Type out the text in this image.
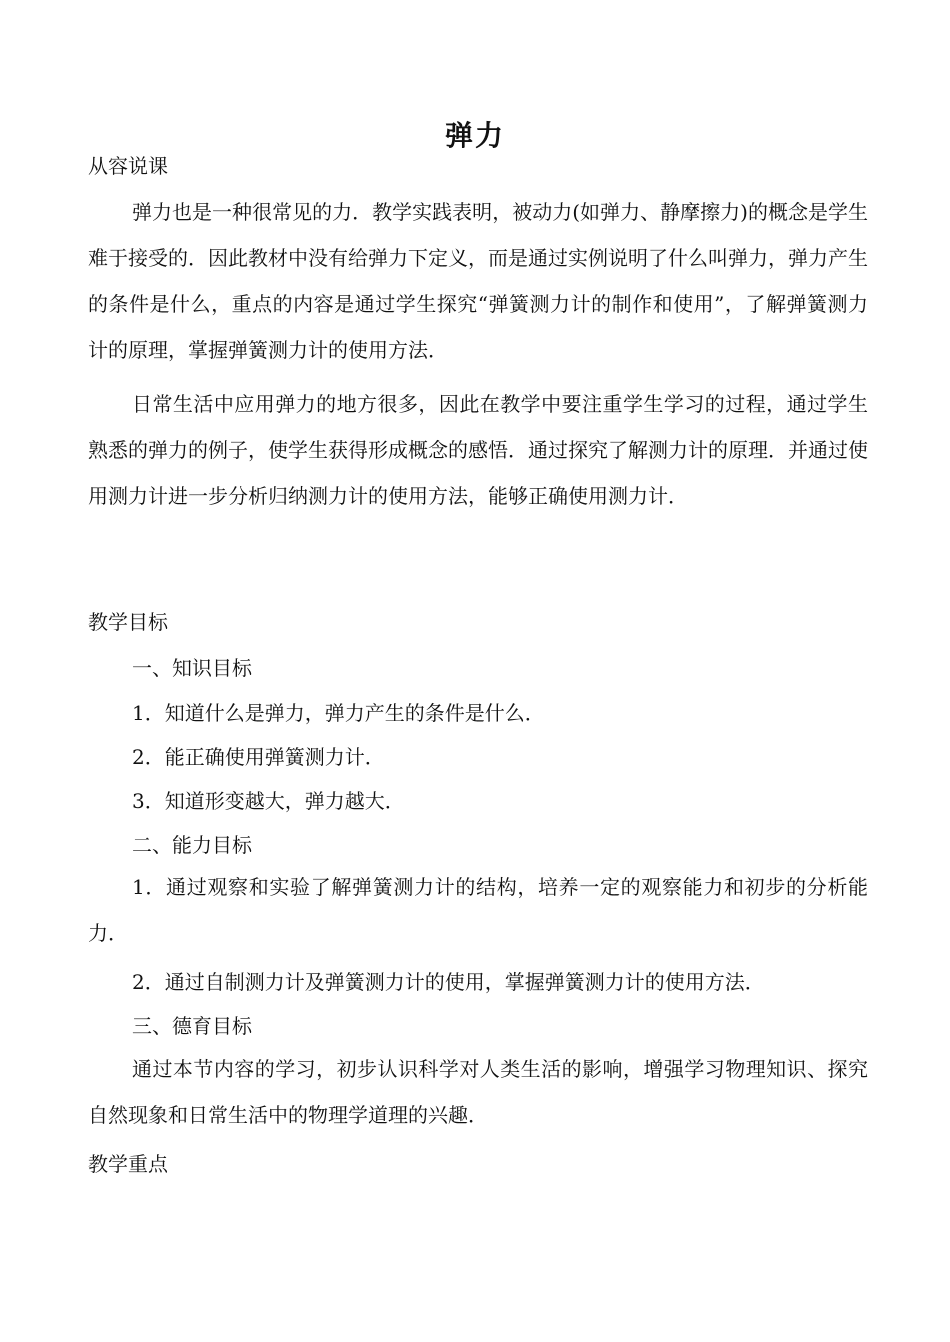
弹力
从容说课
弹力也是一种很常见的力．教学实践表明，被动力(如弹力、静摩擦力)的概念是学生难于接受的．因此教材中没有给弹力下定义，而是通过实例说明了什么叫弹力，弹力产生的条件是什么，重点的内容是通过学生探究“弹簧测力计的制作和使用”，了解弹簧测力计的原理，掌握弹簧测力计的使用方法．
日常生活中应用弹力的地方很多，因此在教学中要注重学生学习的过程，通过学生熟悉的弹力的例子，使学生获得形成概念的感悟．通过探究了解测力计的原理．并通过使用测力计进一步分析归纳测力计的使用方法，能够正确使用测力计．
教学目标
一、知识目标
1．知道什么是弹力，弹力产生的条件是什么．
2．能正确使用弹簧测力计．
3．知道形变越大，弹力越大．
二、能力目标
1．通过观察和实验了解弹簧测力计的结构，培养一定的观察能力和初步的分析能力．
2．通过自制测力计及弹簧测力计的使用，掌握弹簧测力计的使用方法．
三、德育目标
通过本节内容的学习，初步认识科学对人类生活的影响，增强学习物理知识、探究自然现象和日常生活中的物理学道理的兴趣．
教学重点
